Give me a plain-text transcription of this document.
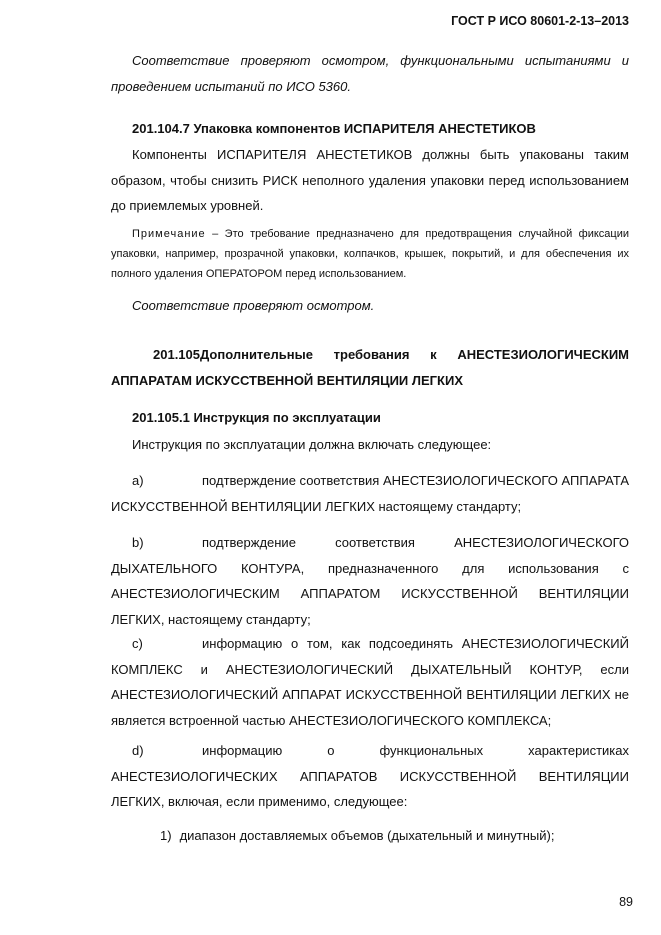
ГОСТ Р ИСО 80601-2-13–2013
Соответствие проверяют осмотром, функциональными испытаниями и проведением испытаний по ИСО 5360.
201.104.7 Упаковка компонентов ИСПАРИТЕЛЯ АНЕСТЕТИКОВ
Компоненты ИСПАРИТЕЛЯ АНЕСТЕТИКОВ должны быть упакованы таким образом, чтобы снизить РИСК неполного удаления упаковки перед использованием до приемлемых уровней.
Примечание – Это требование предназначено для предотвращения случайной фиксации упаковки, например, прозрачной упаковки, колпачков, крышек, покрытий, и для обеспечения их полного удаления ОПЕРАТОРОМ перед использованием.
Соответствие проверяют осмотром.
201.105Дополнительные требования к АНЕСТЕЗИОЛОГИЧЕСКИМ АППАРАТАМ ИСКУССТВЕННОЙ ВЕНТИЛЯЦИИ ЛЕГКИХ
201.105.1 Инструкция по эксплуатации
Инструкция по эксплуатации должна включать следующее:
a)	подтверждение соответствия АНЕСТЕЗИОЛОГИЧЕСКОГО АППАРАТА ИСКУССТВЕННОЙ ВЕНТИЛЯЦИИ ЛЕГКИХ настоящему стандарту;
b)	подтверждение соответствия АНЕСТЕЗИОЛОГИЧЕСКОГО ДЫХАТЕЛЬНОГО КОНТУРА, предназначенного для использования с АНЕСТЕЗИОЛОГИЧЕСКИМ АППАРАТОМ ИСКУССТВЕННОЙ ВЕНТИЛЯЦИИ ЛЕГКИХ, настоящему стандарту;
c)	информацию о том, как подсоединять АНЕСТЕЗИОЛОГИЧЕСКИЙ КОМПЛЕКС и АНЕСТЕЗИОЛОГИЧЕСКИЙ ДЫХАТЕЛЬНЫЙ КОНТУР, если АНЕСТЕЗИОЛОГИЧЕСКИЙ АППАРАТ ИСКУССТВЕННОЙ ВЕНТИЛЯЦИИ ЛЕГКИХ не является встроенной частью АНЕСТЕЗИОЛОГИЧЕСКОГО КОМПЛЕКСА;
d)	информацию о функциональных характеристиках АНЕСТЕЗИОЛОГИЧЕСКИХ АППАРАТОВ ИСКУССТВЕННОЙ ВЕНТИЛЯЦИИ ЛЕГКИХ, включая, если применимо, следующее:
1) диапазон доставляемых объемов (дыхательный и минутный);
89
